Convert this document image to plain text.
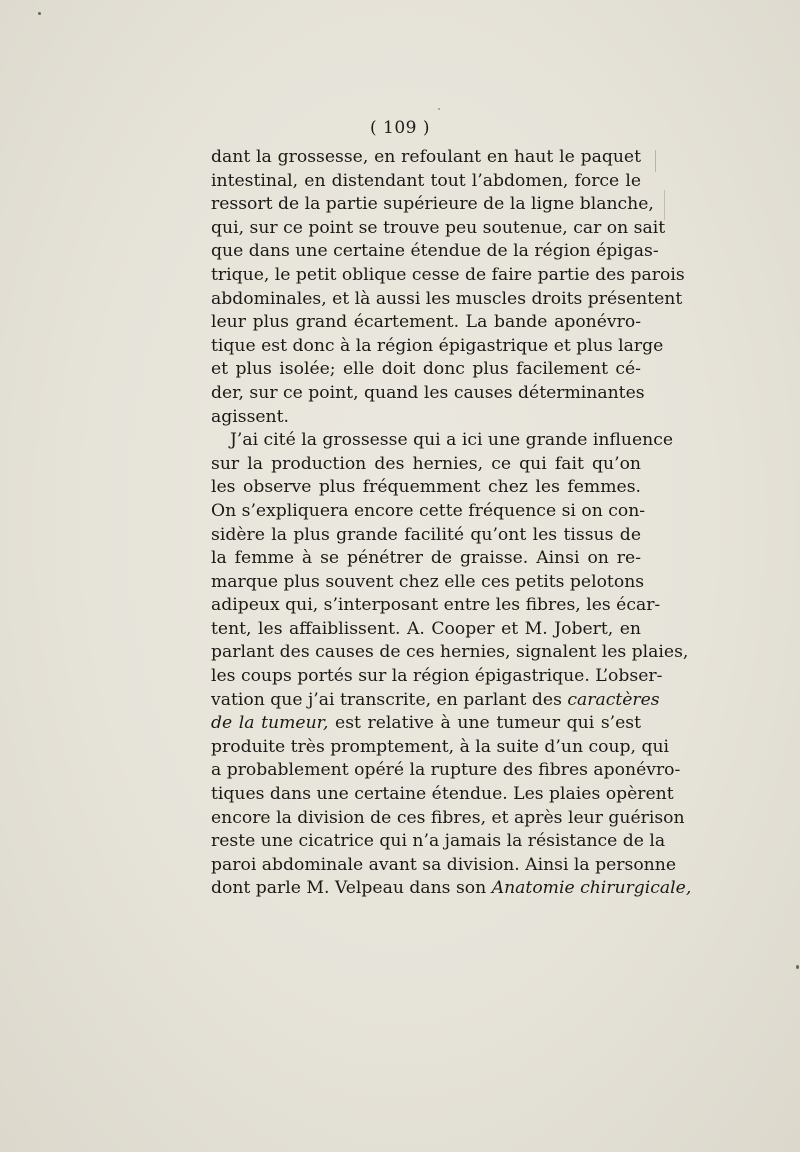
( 109 )
dant la grossesse, en refoulant en haut le paquet
intestinal, en distendant tout l’abdomen, force le
ressort de la partie supérieure de la ligne blanche,
qui, sur ce point se trouve peu soutenue, car on sait
que dans une certaine étendue de la région épigas-
trique, le petit oblique cesse de faire partie des parois
abdominales, et là aussi les muscles droits présentent
leur plus grand écartement. La bande aponévro-
tique est donc à la région épigastrique et plus large
et plus isolée; elle doit donc plus facilement cé-
der, sur ce point, quand les causes déterminantes
agissent.
J’ai cité la grossesse qui a ici une grande influence
sur la production des hernies, ce qui fait qu’on
les observe plus fréquemment chez les femmes.
On s’expliquera encore cette fréquence si on con-
sidère la plus grande facilité qu’ont les tissus de
la femme à se pénétrer de graisse. Ainsi on re-
marque plus souvent chez elle ces petits pelotons
adipeux qui, s’interposant entre les fibres, les écar-
tent, les affaiblissent. A. Cooper et M. Jobert, en
parlant des causes de ces hernies, signalent les plaies,
les coups portés sur la région épigastrique. L’obser-
vation que j’ai transcrite, en parlant des caractères
de la tumeur, est relative à une tumeur qui s’est
produite très promptement, à la suite d’un coup, qui
a probablement opéré la rupture des fibres aponévro-
tiques dans une certaine étendue. Les plaies opèrent
encore la division de ces fibres, et après leur guérison
reste une cicatrice qui n’a jamais la résistance de la
paroi abdominale avant sa division. Ainsi la personne
dont parle M. Velpeau dans son Anatomie chirurgicale,
